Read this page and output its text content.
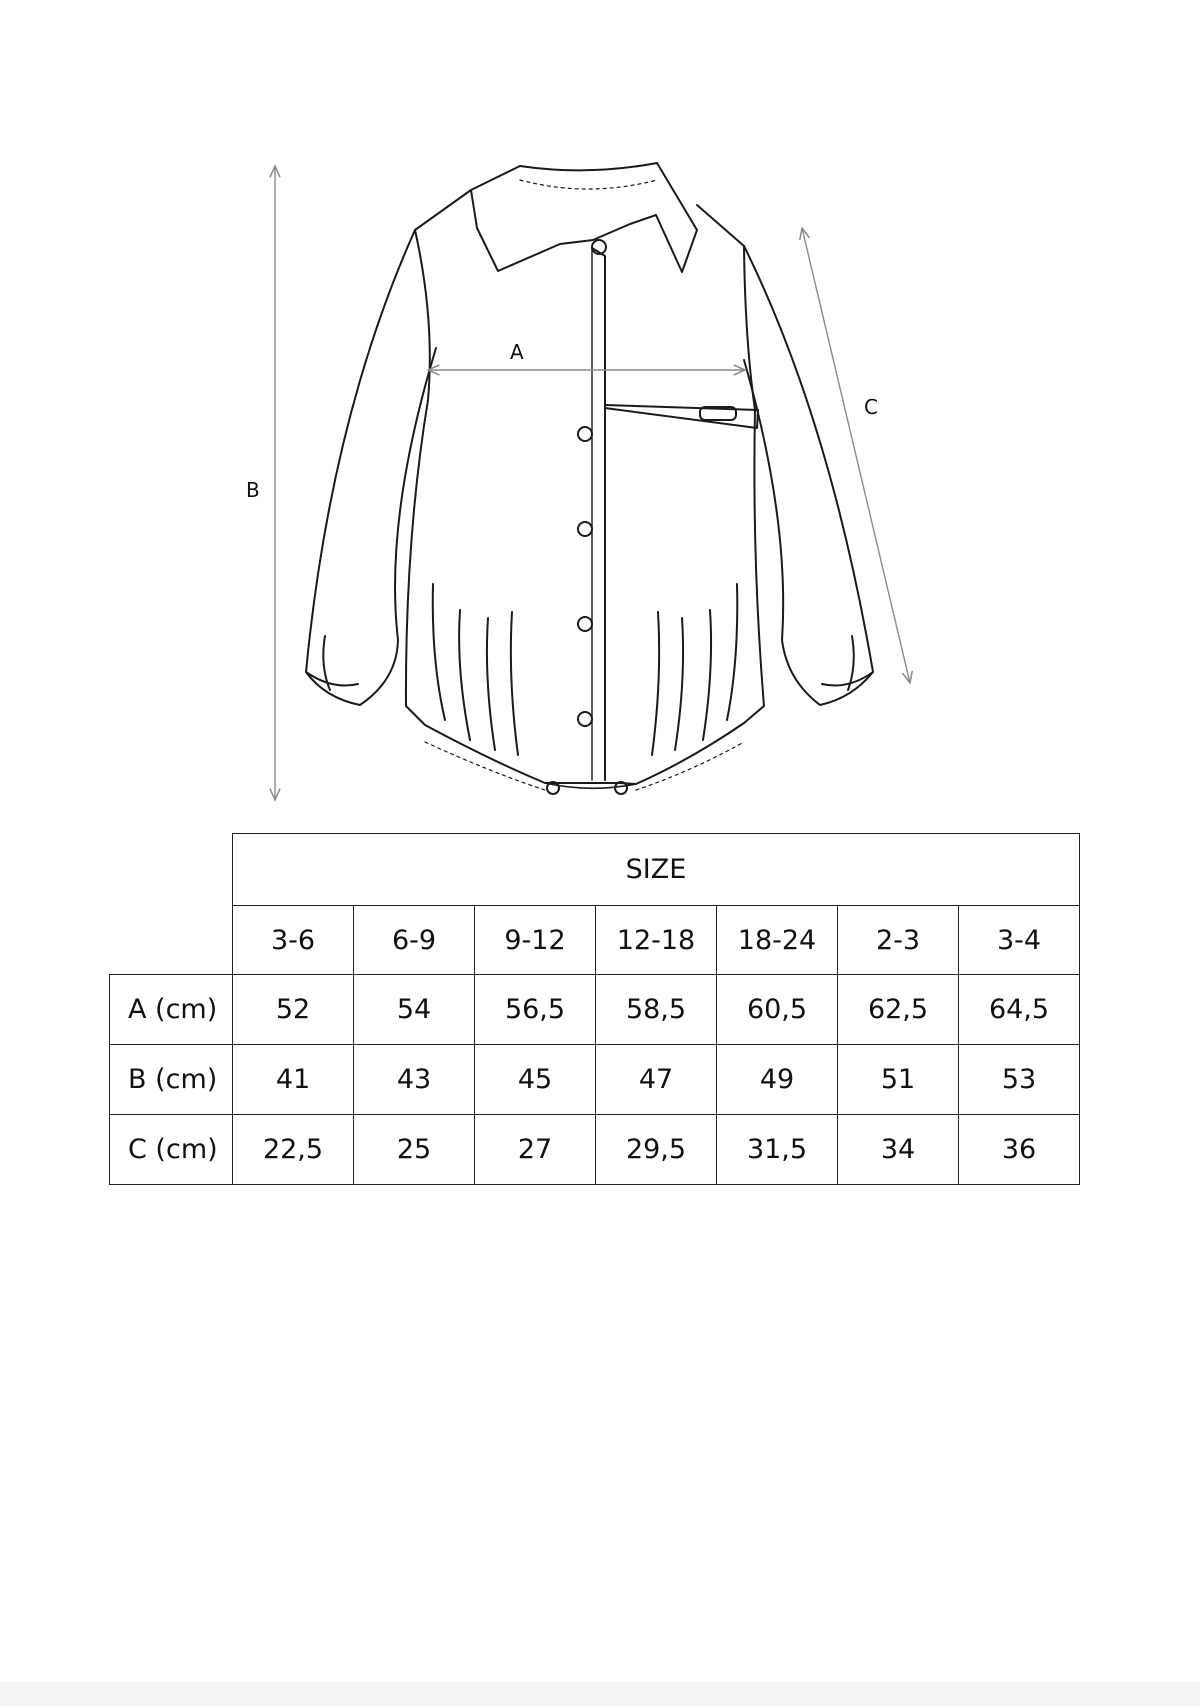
A
B
C
	SIZE						
	3-6	6-9	9-12	12-18	18-24	2-3	3-4
A (cm)	52	54	56,5	58,5	60,5	62,5	64,5
B (cm)	41	43	45	47	49	51	53
C (cm)	22,5	25	27	29,5	31,5	34	36
